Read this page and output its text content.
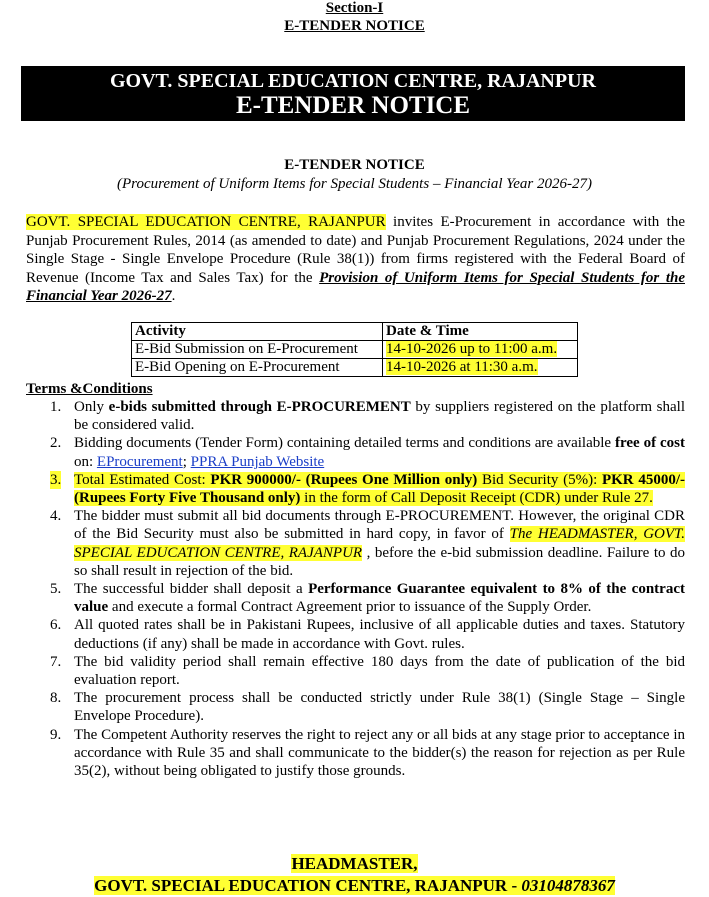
Section-I
E-TENDER NOTICE
GOVT. SPECIAL EDUCATION CENTRE, RAJANPUR
E-TENDER NOTICE
E-TENDER NOTICE
(Procurement of Uniform Items for Special Students – Financial Year 2026-27)
GOVT. SPECIAL EDUCATION CENTRE, RAJANPUR invites E-Procurement in accordance with the Punjab Procurement Rules, 2014 (as amended to date) and Punjab Procurement Regulations, 2024 under the Single Stage - Single Envelope Procedure (Rule 38(1)) from firms registered with the Federal Board of Revenue (Income Tax and Sales Tax) for the Provision of Uniform Items for Special Students for the Financial Year 2026-27.
Activity	Date & Time
E-Bid Submission on E-Procurement	14-10-2026 up to 11:00 a.m.
E-Bid Opening on E-Procurement	14-10-2026 at 11:30 a.m.
Terms &Conditions
1. Only e-bids submitted through E-PROCUREMENT by suppliers registered on the platform shall be considered valid.
2. Bidding documents (Tender Form) containing detailed terms and conditions are available free of cost on: EProcurement; PPRA Punjab Website
3. Total Estimated Cost: PKR 900000/- (Rupees One Million only) Bid Security (5%): PKR 45000/- (Rupees Forty Five Thousand only) in the form of Call Deposit Receipt (CDR) under Rule 27.
4. The bidder must submit all bid documents through E-PROCUREMENT. However, the original CDR of the Bid Security must also be submitted in hard copy, in favor of The HEADMASTER, GOVT. SPECIAL EDUCATION CENTRE, RAJANPUR , before the e-bid submission deadline. Failure to do so shall result in rejection of the bid.
5. The successful bidder shall deposit a Performance Guarantee equivalent to 8% of the contract value and execute a formal Contract Agreement prior to issuance of the Supply Order.
6. All quoted rates shall be in Pakistani Rupees, inclusive of all applicable duties and taxes. Statutory deductions (if any) shall be made in accordance with Govt. rules.
7. The bid validity period shall remain effective 180 days from the date of publication of the bid evaluation report.
8. The procurement process shall be conducted strictly under Rule 38(1) (Single Stage – Single Envelope Procedure).
9. The Competent Authority reserves the right to reject any or all bids at any stage prior to acceptance in accordance with Rule 35 and shall communicate to the bidder(s) the reason for rejection as per Rule 35(2), without being obligated to justify those grounds.
HEADMASTER,
GOVT. SPECIAL EDUCATION CENTRE, RAJANPUR - 03104878367
